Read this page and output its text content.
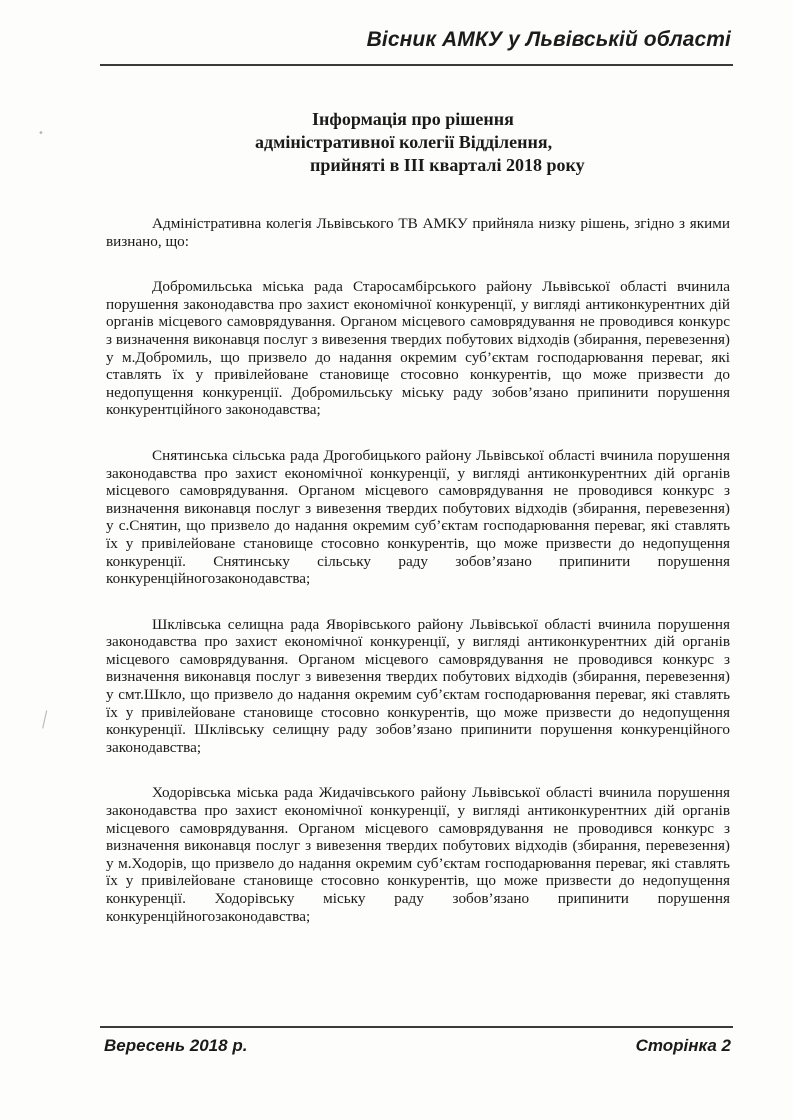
Вісник АМКУ у Львівській області
Інформація про рішення
адміністративної колегії Відділення,
прийняті в ІІІ кварталі 2018 року

Адміністративна колегія Львівського ТВ АМКУ прийняла низку рішень, згідно з якими визнано, що:

Добромильська міська рада Старосамбірського району Львівської області вчинила порушення законодавства про захист економічної конкуренції, у вигляді антиконкурентних дій органів місцевого самоврядування. Органом місцевого самоврядування не проводився конкурс з визначення виконавця послуг з вивезення твердих побутових відходів (збирання, перевезення) у м.Добромиль, що призвело до надання окремим суб’єктам господарювання переваг, які ставлять їх у привілейоване становище стосовно конкурентів, що може призвести до недопущення конкуренції. Добромильську міську раду зобов’язано припинити порушення конкурентційного законодавства;

Снятинська сільська рада Дрогобицького району Львівської області вчинила порушення законодавства про захист економічної конкуренції, у вигляді антиконкурентних дій органів місцевого самоврядування. Органом місцевого самоврядування не проводився конкурс з визначення виконавця послуг з вивезення твердих побутових відходів (збирання, перевезення) у с.Снятин, що призвело до надання окремим суб’єктам господарювання переваг, які ставлять їх у привілейоване становище стосовно конкурентів, що може призвести до недопущення конкуренції. Снятинську сільську раду зобов’язано припинити порушення конкуренційногозаконодавства;

Шклівська селищна рада Яворівського району Львівської області вчинила порушення законодавства про захист економічної конкуренції, у вигляді антиконкурентних дій органів місцевого самоврядування. Органом місцевого самоврядування не проводився конкурс з визначення виконавця послуг з вивезення твердих побутових відходів (збирання, перевезення) у смт.Шкло, що призвело до надання окремим суб’єктам господарювання переваг, які ставлять їх у привілейоване становище стосовно конкурентів, що може призвести до недопущення конкуренції. Шклівську селищну раду зобов’язано припинити порушення конкуренційного законодавства;

Ходорівська міська рада Жидачівського району Львівської області вчинила порушення законодавства про захист економічної конкуренції, у вигляді антиконкурентних дій органів місцевого самоврядування. Органом місцевого самоврядування не проводився конкурс з визначення виконавця послуг з вивезення твердих побутових відходів (збирання, перевезення) у м.Ходорів, що призвело до надання окремим суб’єктам господарювання переваг, які ставлять їх у привілейоване становище стосовно конкурентів, що може призвести до недопущення конкуренції. Ходорівську міську раду зобов’язано припинити порушення конкуренційногозаконодавства;

Вересень 2018 р.	Сторінка 2
•
╲
